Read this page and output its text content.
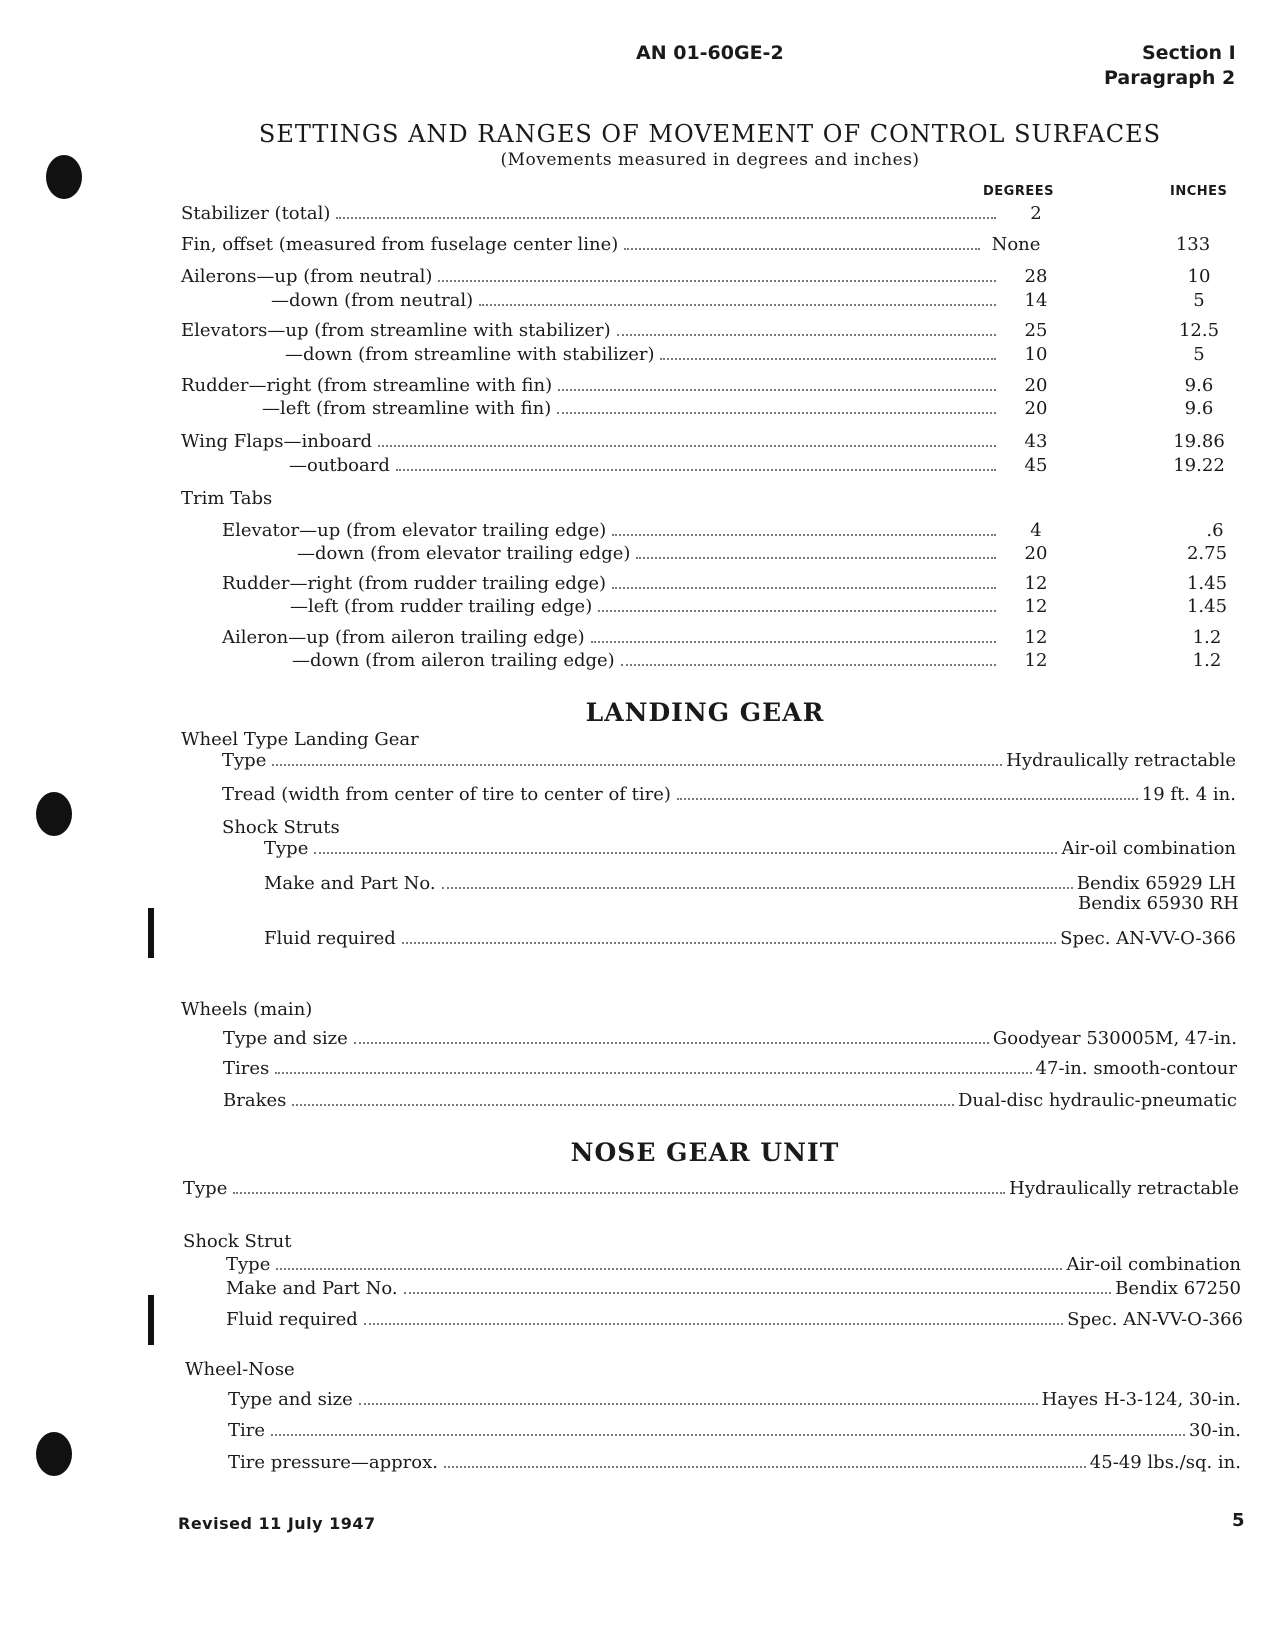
AN 01-60GE-2	Section I
Paragraph 2
SETTINGS AND RANGES OF MOVEMENT OF CONTROL SURFACES
(Movements measured in degrees and inches)
DEGREES	INCHES
Stabilizer (total)	2
Fin, offset (measured from fuselage center line)	None	133
Ailerons—up (from neutral)	28	10
—down (from neutral)	14	5
Elevators—up (from streamline with stabilizer)	25	12.5
—down (from streamline with stabilizer)	10	5
Rudder—right (from streamline with fin)	20	9.6
—left (from streamline with fin)	20	9.6
Wing Flaps—inboard	43	19.86
—outboard	45	19.22
Trim Tabs
Elevator—up (from elevator trailing edge)	4	.6
—down (from elevator trailing edge)	20	2.75
Rudder—right (from rudder trailing edge)	12	1.45
—left (from rudder trailing edge)	12	1.45
Aileron—up (from aileron trailing edge)	12	1.2
—down (from aileron trailing edge)	12	1.2
LANDING GEAR
Wheel Type Landing Gear
Type	Hydraulically retractable
Tread (width from center of tire to center of tire)	19 ft. 4 in.
Shock Struts
Type	Air-oil combination
Make and Part No.	Bendix 65929 LH
Bendix 65930 RH
Fluid required	Spec. AN-VV-O-366
Wheels (main)
Type and size	Goodyear 530005M, 47-in.
Tires	47-in. smooth-contour
Brakes	Dual-disc hydraulic-pneumatic
NOSE GEAR UNIT
Type	Hydraulically retractable
Shock Strut
Type	Air-oil combination
Make and Part No.	Bendix 67250
Fluid required	Spec. AN-VV-O-366
Wheel-Nose
Type and size	Hayes H-3-124, 30-in.
Tire	30-in.
Tire pressure—approx.	45-49 lbs./sq. in.
Revised 11 July 1947	5
